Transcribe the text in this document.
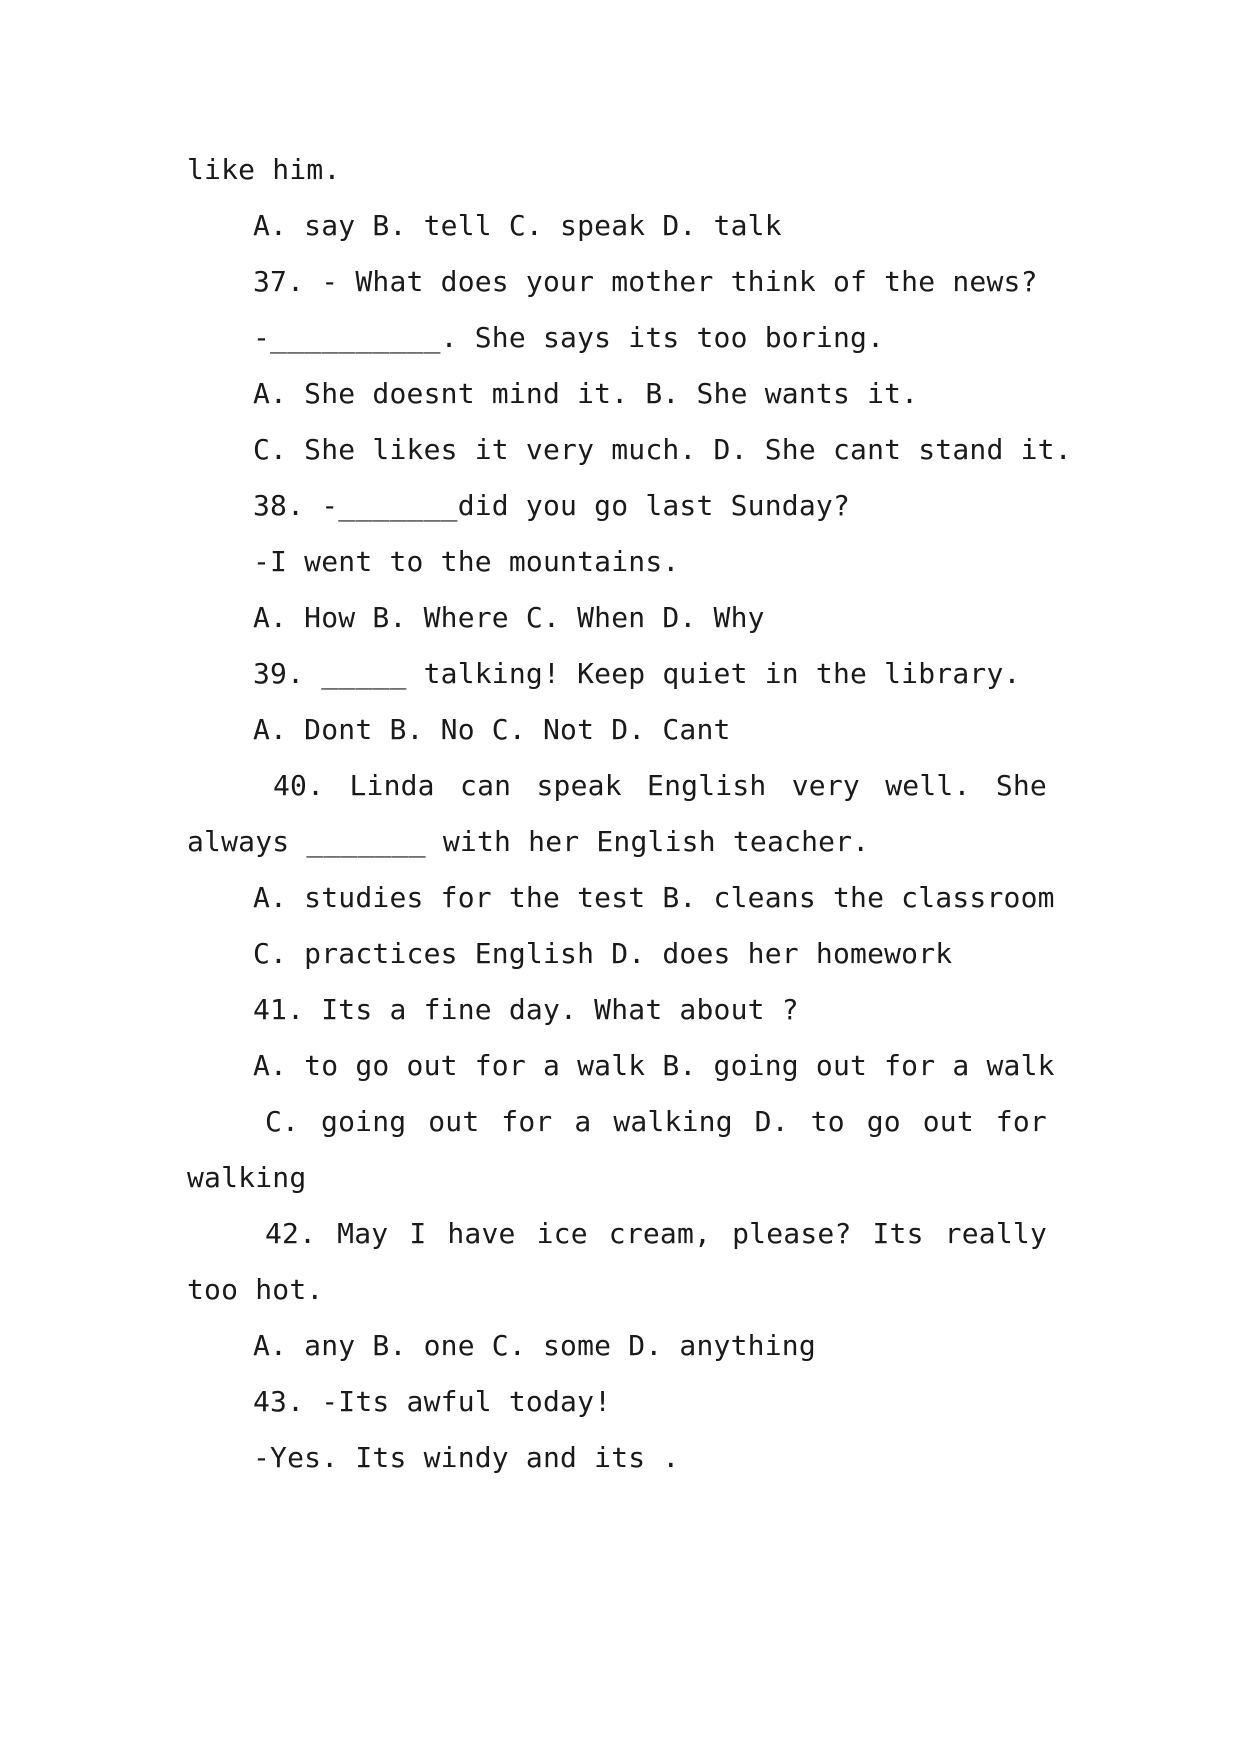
like him.
A. say B. tell C. speak D. talk
37. - What does your mother think of the news?
-__________. She says its too boring.
A. She doesnt mind it. B. She wants it.
C. She likes it very much. D. She cant stand it.
38. -_______did you go last Sunday?
-I went to the mountains.
A. How B. Where C. When D. Why
39. _____ talking! Keep quiet in the library.
A. Dont B. No C. Not D. Cant
40. Linda can speak English very well. She
always _______ with her English teacher.
A. studies for the test B. cleans the classroom
C. practices English D. does her homework
41. Its a fine day. What about ?
A. to go out for a walk B. going out for a walk
C. going out for a walking D. to go out for
walking
42. May I have ice cream, please? Its really
too hot.
A. any B. one C. some D. anything
43. -Its awful today!
-Yes. Its windy and its .
